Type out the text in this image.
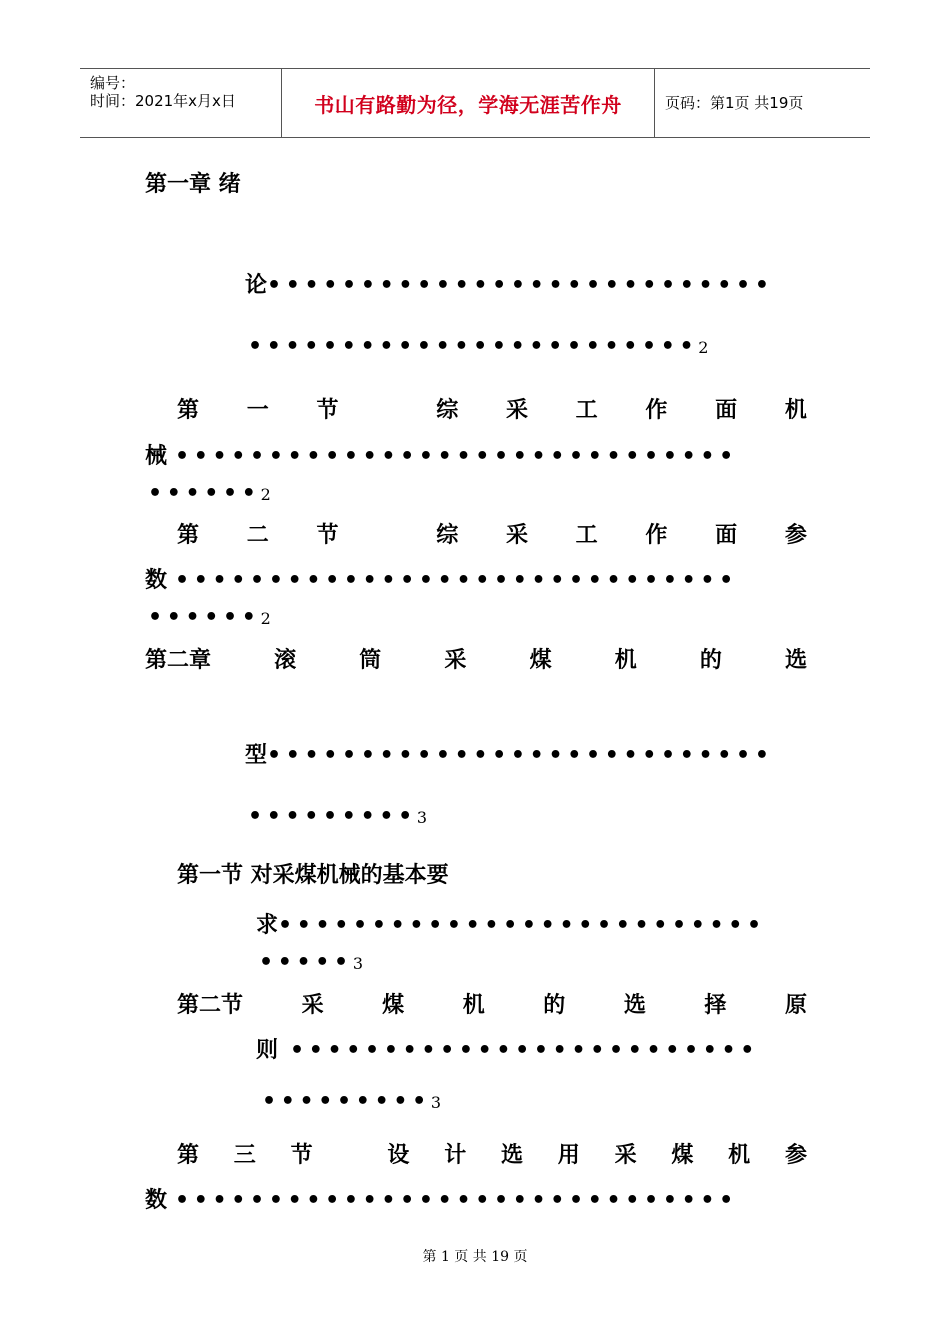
编号：
时间：2021年x月x日	书山有路勤为径，学海无涯苦作舟	页码：第1页 共19页
第一章 绪
论•••••••••••••••••••••••••••
••••••••••••••••••••••••2
第 一 节	综 采 工 作 面 机
械 ••••••••••••••••••••••••••••••
••••••2
第 二 节	综 采 工 作 面 参
数 ••••••••••••••••••••••••••••••
••••••2
第二章	滚	筒	采	煤	机	的	选
型•••••••••••••••••••••••••••
•••••••••3
第一节 对采煤机械的基本要
求••••••••••••••••••••••••••
•••••3
第二节	采	煤	机	的	选	择	原
则 •••••••••••••••••••••••••
•••••••••3
第 三 节	设 计 选 用 采 煤 机 参
数 ••••••••••••••••••••••••••••••
第 1 页 共 19 页
